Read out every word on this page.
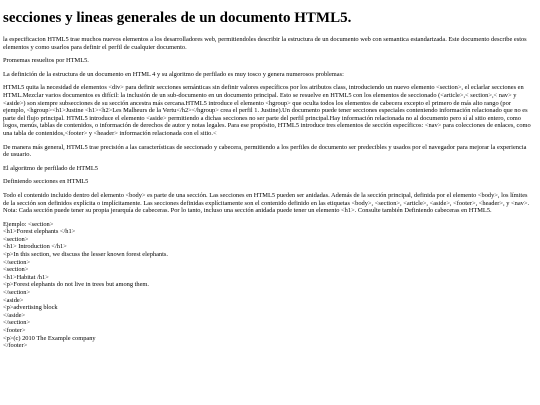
secciones y lineas generales de un documento HTML5.

la especificacion HTML5 trae muchos nuevos elementos a los desarrolladores web, permitiendoles describir la estructura de un documento web con semantica estandarizada. Este documento describe estos elementos y como usarlos para definir el perfil de cualquier documento.

Promemas resueltos por HTML5.

La definición de la estructura de un documento en HTML 4 y su algoritmo de perfilado es muy tosco y genera numerosos problemas:

HTML5 quita la necesidad de elementos <div> para definir secciones semánticas sin definir valores específicos por los atributos class, introduciendo un nuevo elemento <section>, el eclarlar secciones en HTML.Mezclar varios documentos es difícil: la inclusión de un sub-documento en un documento principal. Esto se resuelve en HTML5 con los elementos de seccionado (<article>,< section>,< nav> y <aside>) son siempre subsecciones de su sección ancestra más cercana.HTML5 introduce el elemento <hgroup> que oculta todos los elementos de cabecera excepto el primero de más alto rango (por ejemplo, <hgroup><h1>Justine <h1><h2>Les Malheurs de la Vertu</h2></hgroup> crea el perfil 1. Justine).Un documento puede tener secciones especiales conteniendo información relacionado que no es parte del flujo principal. HTML5 introduce el elemento <aside> permitiendo a dichas secciones no ser parte del perfil principal.Hay información relacionada no al documento pero sí al sitio entero, como logos, menús, tablas de contenidos, o información de derechos de autor y notas legales. Para ese propósito, HTML5 introduce tres elementos de sección específicos: <nav> para colecciones de enlaces, como una tabla de contenidos,<footer> y <header> información relacionada con el sitio.<

De manera más general, HTML5 trae precisión a las características de seccionado y cabecera, permitiendo a los perfiles de documento ser predecibles y usados por el navegador para mejorar la experiencia de usuario.

El algoritmo de perfilado de HTML5

Definiendo secciones en HTML5

Todo el contenido incluido dentro del elemento <body> es parte de una sección. Las secciones en HTML5 pueden ser anidadas. Además de la sección principal, definida por el elemento <body>, los límites de la sección son definidos explícita o implícitamente. Las secciones definidas explícitamente son el contenido definido en las etiquetas <body>, <section>, <article>, <aside>, <footer>, <header>, y <nav>. Nota: Cada sección puede tener su propia jerarquía de cabeceras. Por lo tanto, incluso una sección anidada puede tener un elemento <h1>. Consulte también Definiendo cabeceras en HTML5.

Ejemplo: <section>
<h1>Forest elephants </h1>
<section>
<h1> Introduction </h1>
<p>In this section, we discuss the lesser known forest elephants.
</section>
<section>
<h1>Habitat /h1>
<p>Forest elephants do not live in trees but among them.
</section>
<aside>
<p>advertising block
</aside>
</section>
<footer>
<p>(c) 2010 The Example company
</footer>
